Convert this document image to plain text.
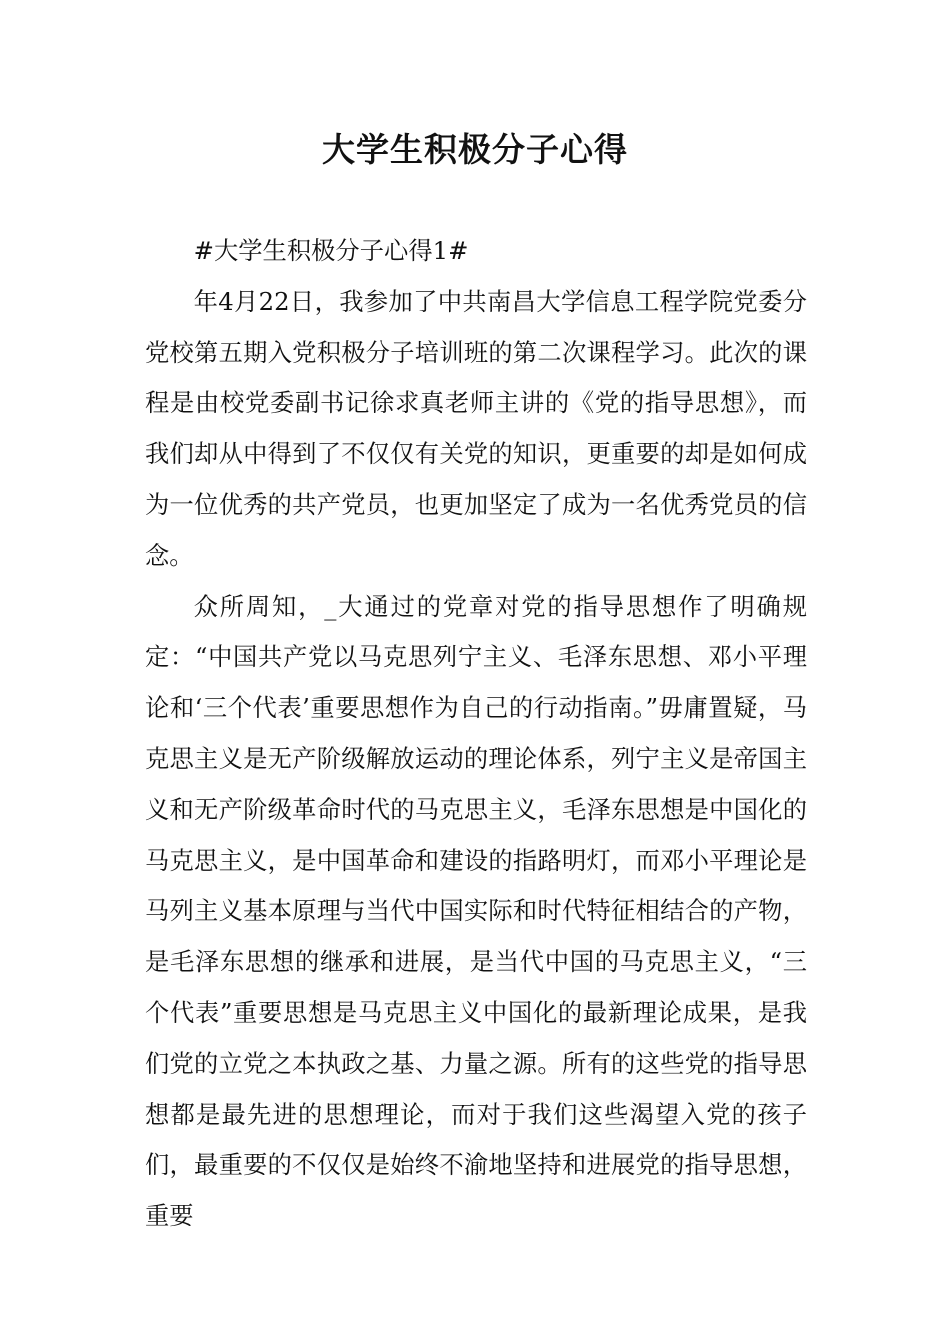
大学生积极分子心得

#大学生积极分子心得1#

年4月22日，我参加了中共南昌大学信息工程学院党委分党校第五期入党积极分子培训班的第二次课程学习。此次的课程是由校党委副书记徐求真老师主讲的《党的指导思想》，而我们却从中得到了不仅仅有关党的知识，更重要的却是如何成为一位优秀的共产党员，也更加坚定了成为一名优秀党员的信念。

众所周知，_大通过的党章对党的指导思想作了明确规定：“中国共产党以马克思列宁主义、毛泽东思想、邓小平理论和‘三个代表’重要思想作为自己的行动指南。”毋庸置疑，马克思主义是无产阶级解放运动的理论体系，列宁主义是帝国主义和无产阶级革命时代的马克思主义，毛泽东思想是中国化的马克思主义，是中国革命和建设的指路明灯，而邓小平理论是马列主义基本原理与当代中国实际和时代特征相结合的产物，是毛泽东思想的继承和进展，是当代中国的马克思主义，“三个代表”重要思想是马克思主义中国化的最新理论成果，是我们党的立党之本执政之基、力量之源。所有的这些党的指导思想都是最先进的思想理论，而对于我们这些渴望入党的孩子们，最重要的不仅仅是始终不渝地坚持和进展党的指导思想，重要
